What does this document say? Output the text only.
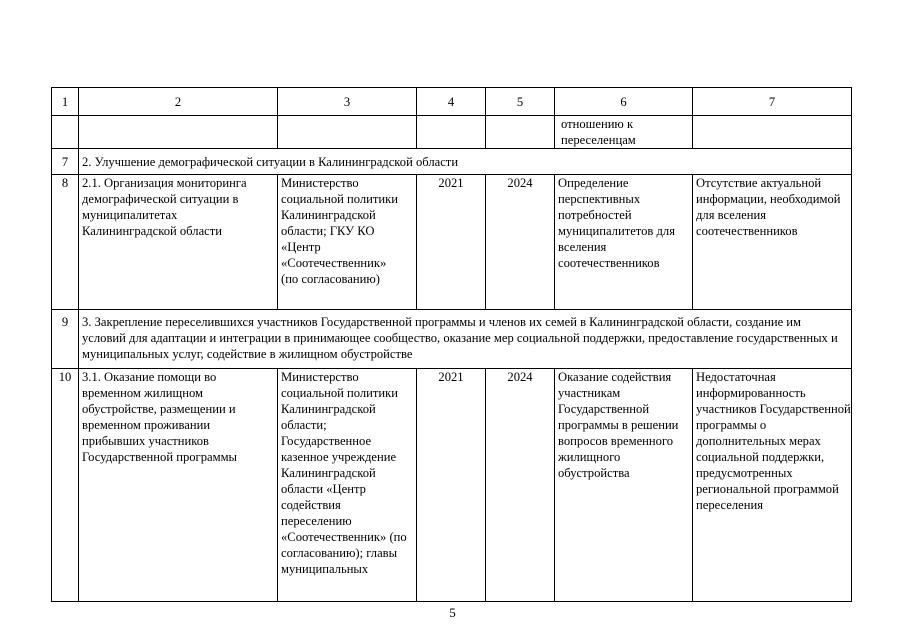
1	2	3	4	5	6	7

					отношению к переселенцам	

7	2. Улучшение демографической ситуации в Калининградской области					
8	2.1. Организация мониторинга демографической ситуации в муниципалитетах Калининградской области	Министерство социальной политики Калининградской области; ГКУ КО «Центр «Соотечественник» (по согласованию)	2021	2024	Определение перспективных потребностей муниципалитетов для вселения соотечественников	Отсутствие актуальной информации, необходимой для вселения соотечественников

9	3. Закрепление переселившихся участников Государственной программы и членов их семей в Калининградской области, создание им условий для адаптации и интеграции в принимающее сообщество, оказание мер социальной поддержки, предоставление государственных и муниципальных услуг, содействие в жилищном обустройстве					
10	3.1. Оказание помощи во временном жилищном обустройстве, размещении и временном проживании прибывших участников Государственной программы	Министерство социальной политики Калининградской области; Государственное казенное учреждение Калининградской области «Центр содействия переселению «Соотечественник» (по согласованию); главы муниципальных	2021	2024	Оказание содействия участникам Государственной программы в решении вопросов временного жилищного обустройства	Недостаточная информированность участников Государственной программы о дополнительных мерах социальной поддержки, предусмотренных региональной программой переселения
5
